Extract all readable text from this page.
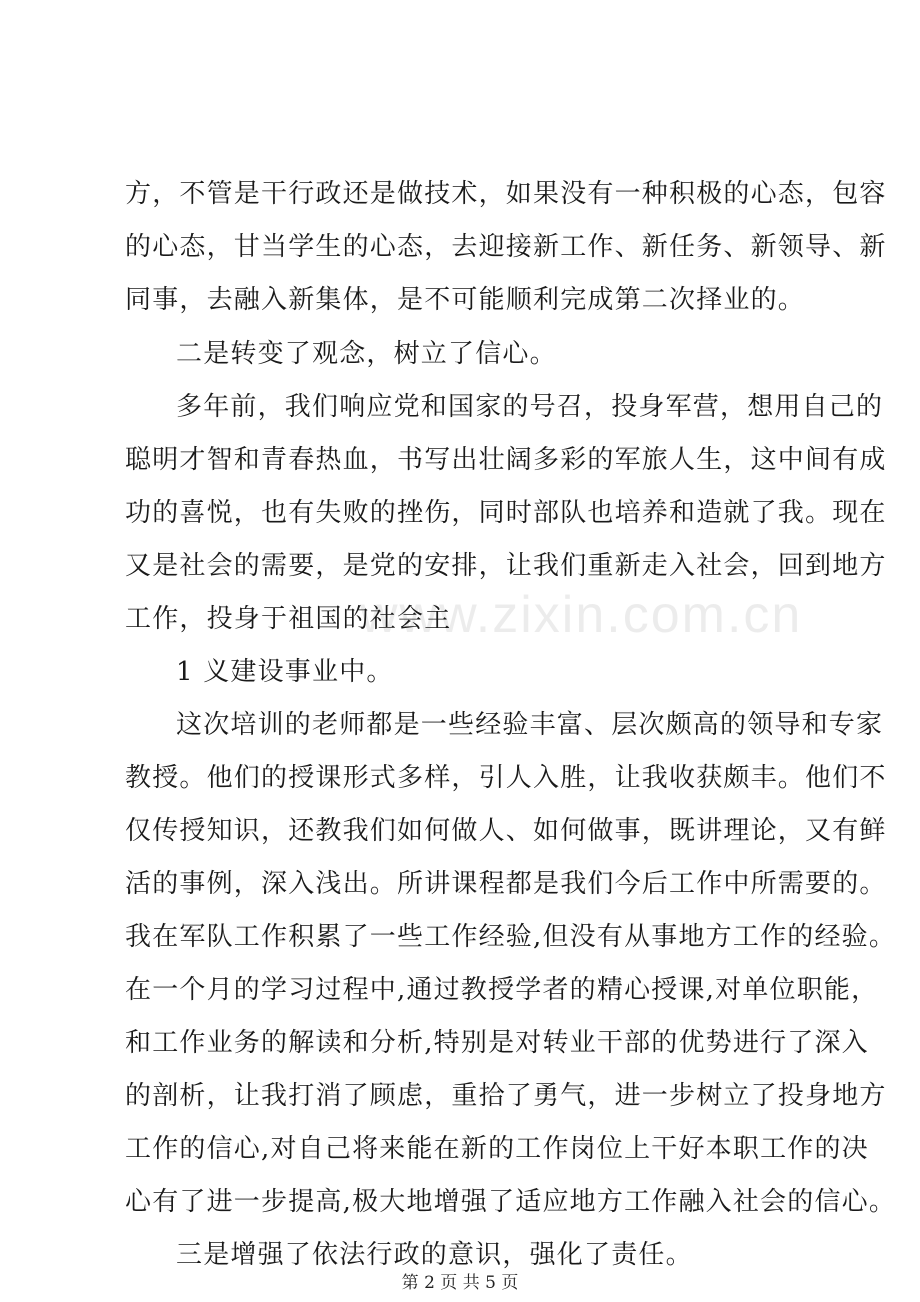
www.zixin.com.cn
方，不管是干行政还是做技术，如果没有一种积极的心态，包容
的心态，甘当学生的心态，去迎接新工作、新任务、新领导、新
同事，去融入新集体，是不可能顺利完成第二次择业的。
二是转变了观念，树立了信心。
多年前，我们响应党和国家的号召，投身军营，想用自己的
聪明才智和青春热血，书写出壮阔多彩的军旅人生，这中间有成
功的喜悦，也有失败的挫伤，同时部队也培养和造就了我。现在
又是社会的需要，是党的安排，让我们重新走入社会，回到地方
工作，投身于祖国的社会主
1 义建设事业中。
这次培训的老师都是一些经验丰富、层次颇高的领导和专家
教授。他们的授课形式多样，引人入胜，让我收获颇丰。他们不
仅传授知识，还教我们如何做人、如何做事，既讲理论，又有鲜
活的事例，深入浅出。所讲课程都是我们今后工作中所需要的。
我在军队工作积累了一些工作经验,但没有从事地方工作的经验。
在一个月的学习过程中,通过教授学者的精心授课,对单位职能，
和工作业务的解读和分析,特别是对转业干部的优势进行了深入
的剖析，让我打消了顾虑，重拾了勇气，进一步树立了投身地方
工作的信心,对自己将来能在新的工作岗位上干好本职工作的决
心有了进一步提高,极大地增强了适应地方工作融入社会的信心。
三是增强了依法行政的意识，强化了责任。
第 2 页 共 5 页
